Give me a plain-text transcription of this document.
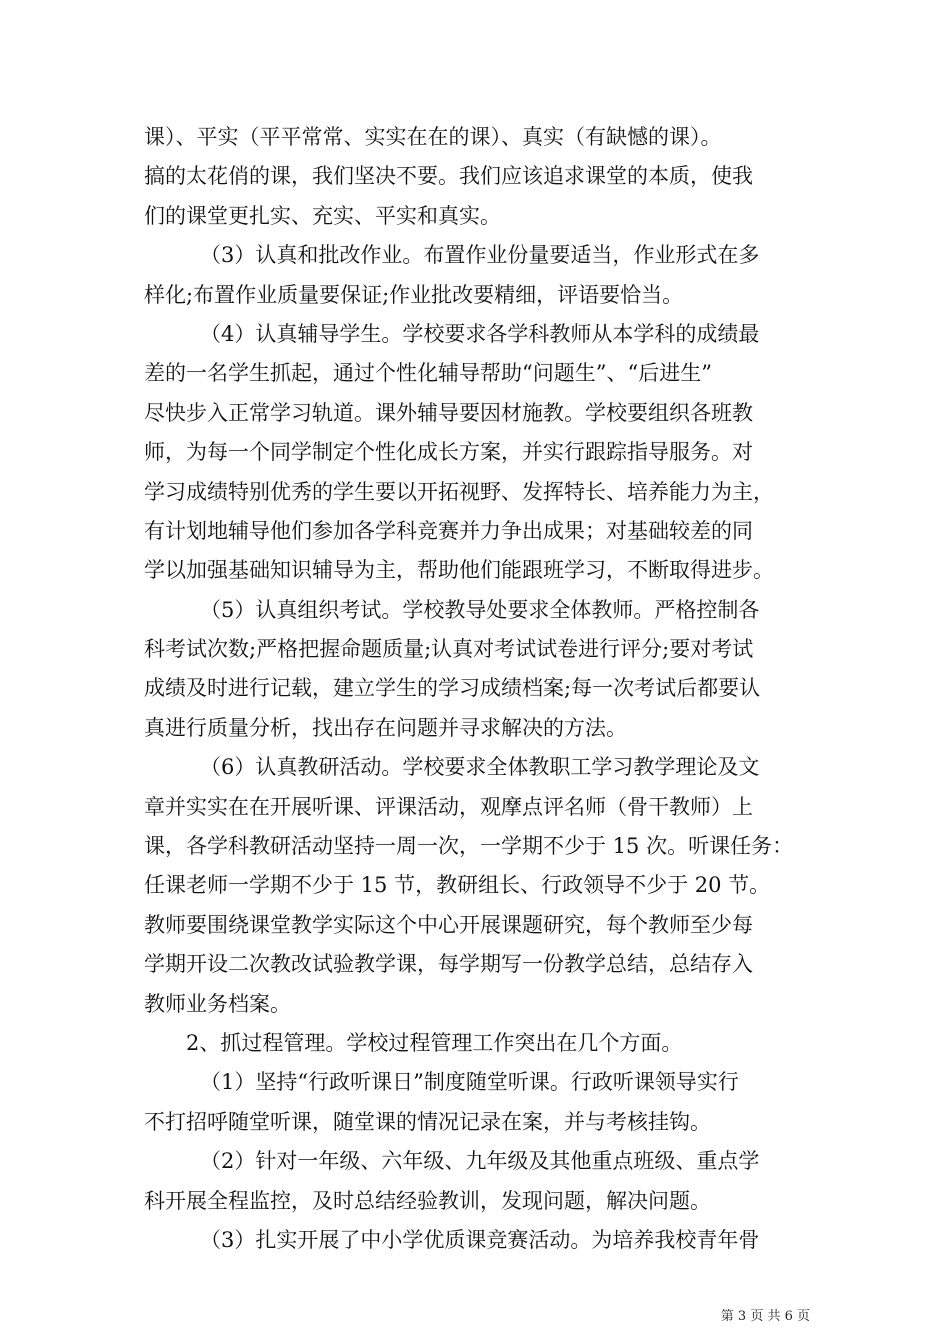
课）、平实（平平常常、实实在在的课）、真实（有缺憾的课）。
搞的太花俏的课，我们坚决不要。我们应该追求课堂的本质，使我
们的课堂更扎实、充实、平实和真实。
（3）认真和批改作业。布置作业份量要适当，作业形式在多
样化;布置作业质量要保证;作业批改要精细，评语要恰当。
（4）认真辅导学生。学校要求各学科教师从本学科的成绩最
差的一名学生抓起，通过个性化辅导帮助“问题生”、“后进生”
尽快步入正常学习轨道。课外辅导要因材施教。学校要组织各班教
师，为每一个同学制定个性化成长方案，并实行跟踪指导服务。对
学习成绩特别优秀的学生要以开拓视野、发挥特长、培养能力为主，
有计划地辅导他们参加各学科竞赛并力争出成果；对基础较差的同
学以加强基础知识辅导为主，帮助他们能跟班学习，不断取得进步。
（5）认真组织考试。学校教导处要求全体教师。严格控制各
科考试次数;严格把握命题质量;认真对考试试卷进行评分;要对考试
成绩及时进行记载，建立学生的学习成绩档案;每一次考试后都要认
真进行质量分析，找出存在问题并寻求解决的方法。
（6）认真教研活动。学校要求全体教职工学习教学理论及文
章并实实在在开展听课、评课活动，观摩点评名师（骨干教师）上
课，各学科教研活动坚持一周一次，一学期不少于 15 次。听课任务：
任课老师一学期不少于 15 节，教研组长、行政领导不少于 20 节。
教师要围绕课堂教学实际这个中心开展课题研究，每个教师至少每
学期开设二次教改试验教学课，每学期写一份教学总结，总结存入
教师业务档案。
2、抓过程管理。学校过程管理工作突出在几个方面。
（1）坚持“行政听课日”制度随堂听课。行政听课领导实行
不打招呼随堂听课，随堂课的情况记录在案，并与考核挂钩。
（2）针对一年级、六年级、九年级及其他重点班级、重点学
科开展全程监控，及时总结经验教训，发现问题，解决问题。
（3）扎实开展了中小学优质课竞赛活动。为培养我校青年骨
第 3 页 共 6 页
